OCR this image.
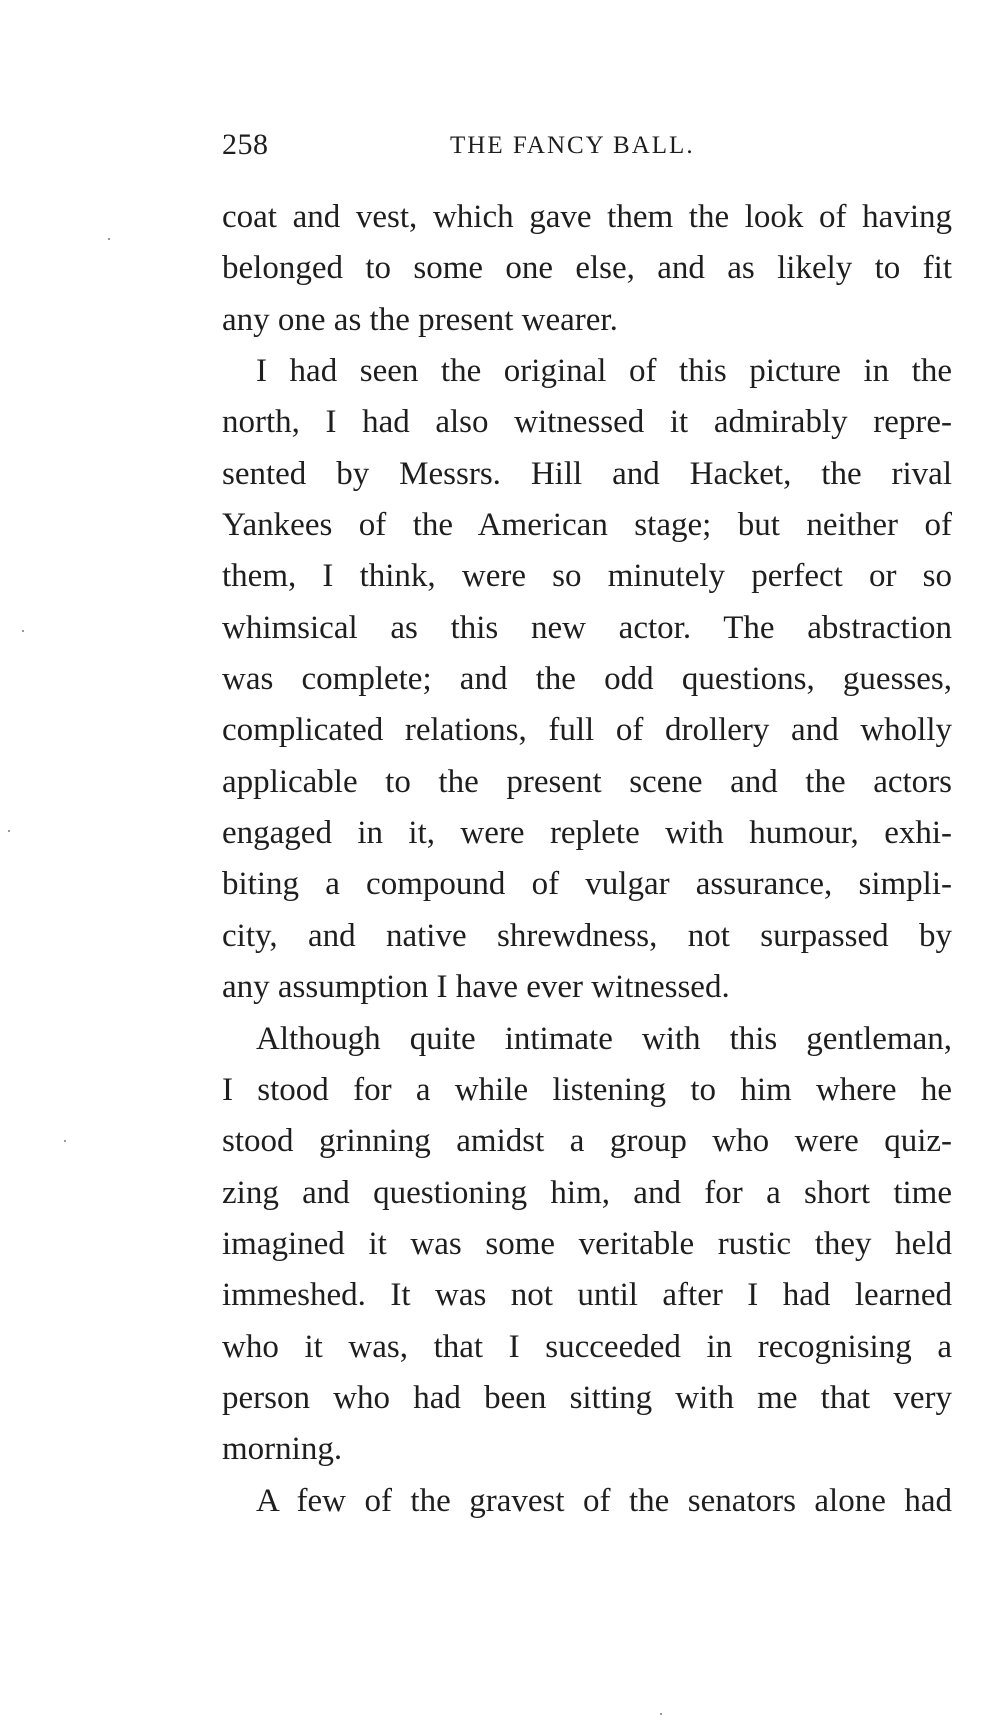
258	THE FANCY BALL.
coat and vest, which gave them the look of having
belonged to some one else, and as likely to fit
any one as the present wearer.
I had seen the original of this picture in the
north, I had also witnessed it admirably repre-
sented by Messrs. Hill and Hacket, the rival
Yankees of the American stage; but neither of
them, I think, were so minutely perfect or so
whimsical as this new actor. The abstraction
was complete; and the odd questions, guesses,
complicated relations, full of drollery and wholly
applicable to the present scene and the actors
engaged in it, were replete with humour, exhi-
biting a compound of vulgar assurance, simpli-
city, and native shrewdness, not surpassed by
any assumption I have ever witnessed.
Although quite intimate with this gentleman,
I stood for a while listening to him where he
stood grinning amidst a group who were quiz-
zing and questioning him, and for a short time
imagined it was some veritable rustic they held
immeshed. It was not until after I had learned
who it was, that I succeeded in recognising a
person who had been sitting with me that very
morning.
A few of the gravest of the senators alone had
